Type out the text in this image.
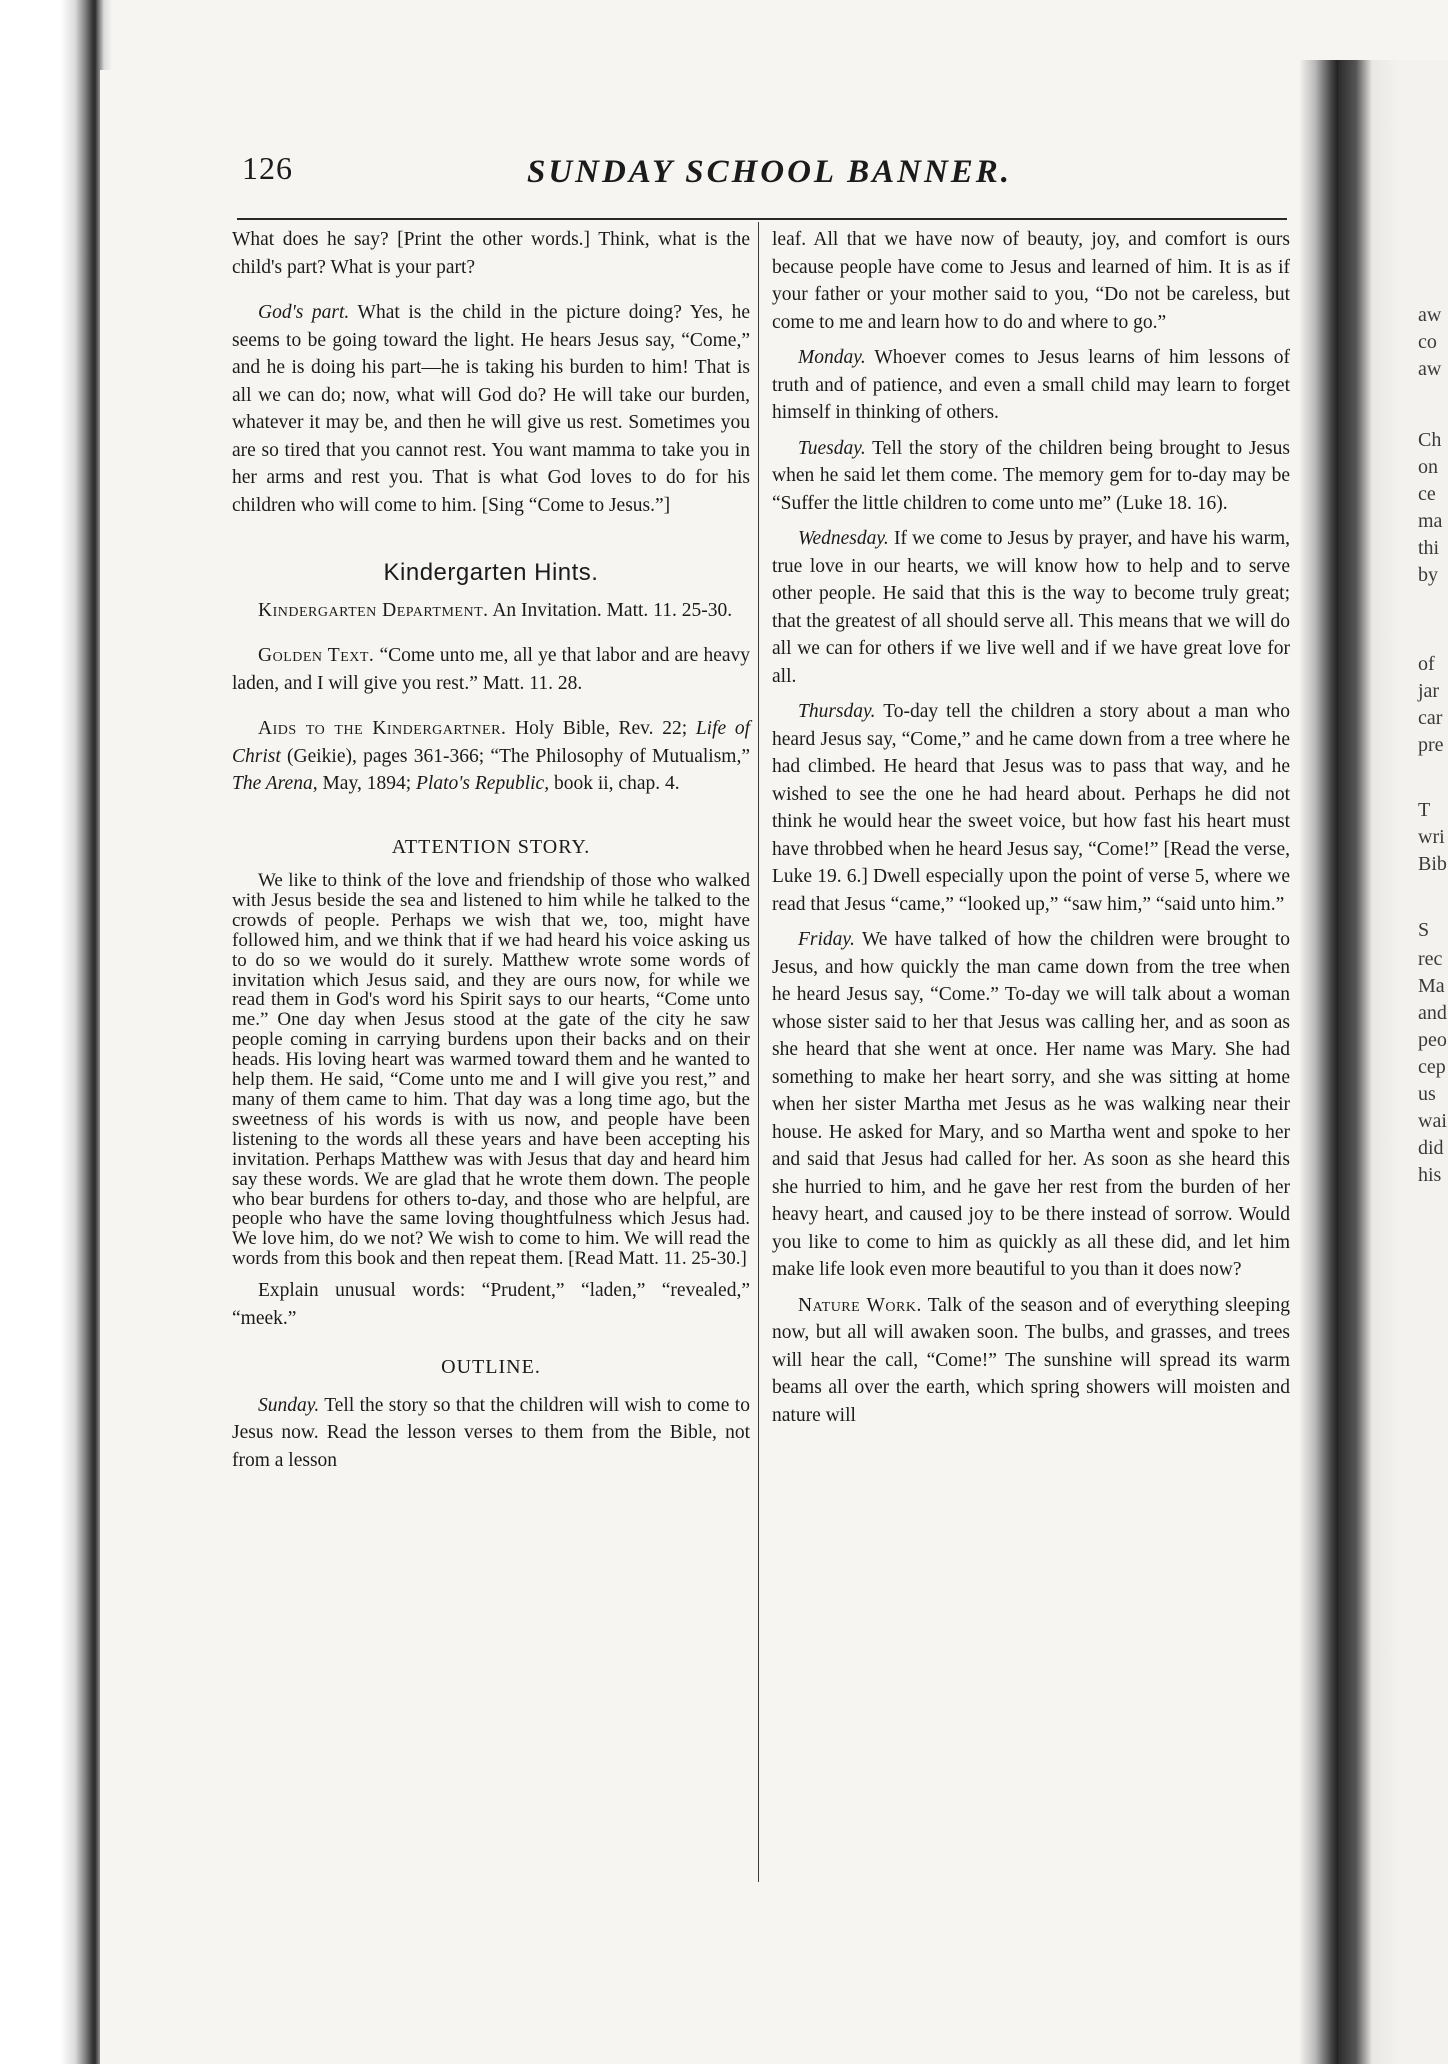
aw
co
aw
Ch
on
ce
ma
thi
by
of
jar
car
pre
T
wri
Bib
S
rec
Ma
and
peo
cep
us
wai
did
his
126	SUNDAY SCHOOL BANNER.

What does he say? [Print the other words.] Think, what is the child's part? What is your part?

God's part. What is the child in the picture doing? Yes, he seems to be going toward the light. He hears Jesus say, “Come,” and he is doing his part—he is taking his burden to him! That is all we can do; now, what will God do? He will take our burden, whatever it may be, and then he will give us rest. Sometimes you are so tired that you cannot rest. You want mamma to take you in her arms and rest you. That is what God loves to do for his children who will come to him. [Sing “Come to Jesus.”]

Kindergarten Hints.

Kindergarten Department. An Invitation. Matt. 11. 25-30.

Golden Text. “Come unto me, all ye that labor and are heavy laden, and I will give you rest.” Matt. 11. 28.

Aids to the Kindergartner. Holy Bible, Rev. 22; Life of Christ (Geikie), pages 361-366; “The Philosophy of Mutualism,” The Arena, May, 1894; Plato's Republic, book ii, chap. 4.

ATTENTION STORY.

We like to think of the love and friendship of those who walked with Jesus beside the sea and listened to him while he talked to the crowds of people. Perhaps we wish that we, too, might have followed him, and we think that if we had heard his voice asking us to do so we would do it surely. Matthew wrote some words of invitation which Jesus said, and they are ours now, for while we read them in God's word his Spirit says to our hearts, “Come unto me.” One day when Jesus stood at the gate of the city he saw people coming in carrying burdens upon their backs and on their heads. His loving heart was warmed toward them and he wanted to help them. He said, “Come unto me and I will give you rest,” and many of them came to him. That day was a long time ago, but the sweetness of his words is with us now, and people have been listening to the words all these years and have been accepting his invitation. Perhaps Matthew was with Jesus that day and heard him say these words. We are glad that he wrote them down. The people who bear burdens for others to-day, and those who are helpful, are people who have the same loving thoughtfulness which Jesus had. We love him, do we not? We wish to come to him. We will read the words from this book and then repeat them. [Read Matt. 11. 25-30.]

Explain unusual words: “Prudent,” “laden,” “revealed,” “meek.”

OUTLINE.

Sunday. Tell the story so that the children will wish to come to Jesus now. Read the lesson verses to them from the Bible, not from a lesson

leaf. All that we have now of beauty, joy, and comfort is ours because people have come to Jesus and learned of him. It is as if your father or your mother said to you, “Do not be careless, but come to me and learn how to do and where to go.”

Monday. Whoever comes to Jesus learns of him lessons of truth and of patience, and even a small child may learn to forget himself in thinking of others.

Tuesday. Tell the story of the children being brought to Jesus when he said let them come. The memory gem for to-day may be “Suffer the little children to come unto me” (Luke 18. 16).

Wednesday. If we come to Jesus by prayer, and have his warm, true love in our hearts, we will know how to help and to serve other people. He said that this is the way to become truly great; that the greatest of all should serve all. This means that we will do all we can for others if we live well and if we have great love for all.

Thursday. To-day tell the children a story about a man who heard Jesus say, “Come,” and he came down from a tree where he had climbed. He heard that Jesus was to pass that way, and he wished to see the one he had heard about. Perhaps he did not think he would hear the sweet voice, but how fast his heart must have throbbed when he heard Jesus say, “Come!” [Read the verse, Luke 19. 6.] Dwell especially upon the point of verse 5, where we read that Jesus “came,” “looked up,” “saw him,” “said unto him.”

Friday. We have talked of how the children were brought to Jesus, and how quickly the man came down from the tree when he heard Jesus say, “Come.” To-day we will talk about a woman whose sister said to her that Jesus was calling her, and as soon as she heard that she went at once. Her name was Mary. She had something to make her heart sorry, and she was sitting at home when her sister Martha met Jesus as he was walking near their house. He asked for Mary, and so Martha went and spoke to her and said that Jesus had called for her. As soon as she heard this she hurried to him, and he gave her rest from the burden of her heavy heart, and caused joy to be there instead of sorrow. Would you like to come to him as quickly as all these did, and let him make life look even more beautiful to you than it does now?

Nature Work. Talk of the season and of everything sleeping now, but all will awaken soon. The bulbs, and grasses, and trees will hear the call, “Come!” The sunshine will spread its warm beams all over the earth, which spring showers will moisten and nature will
